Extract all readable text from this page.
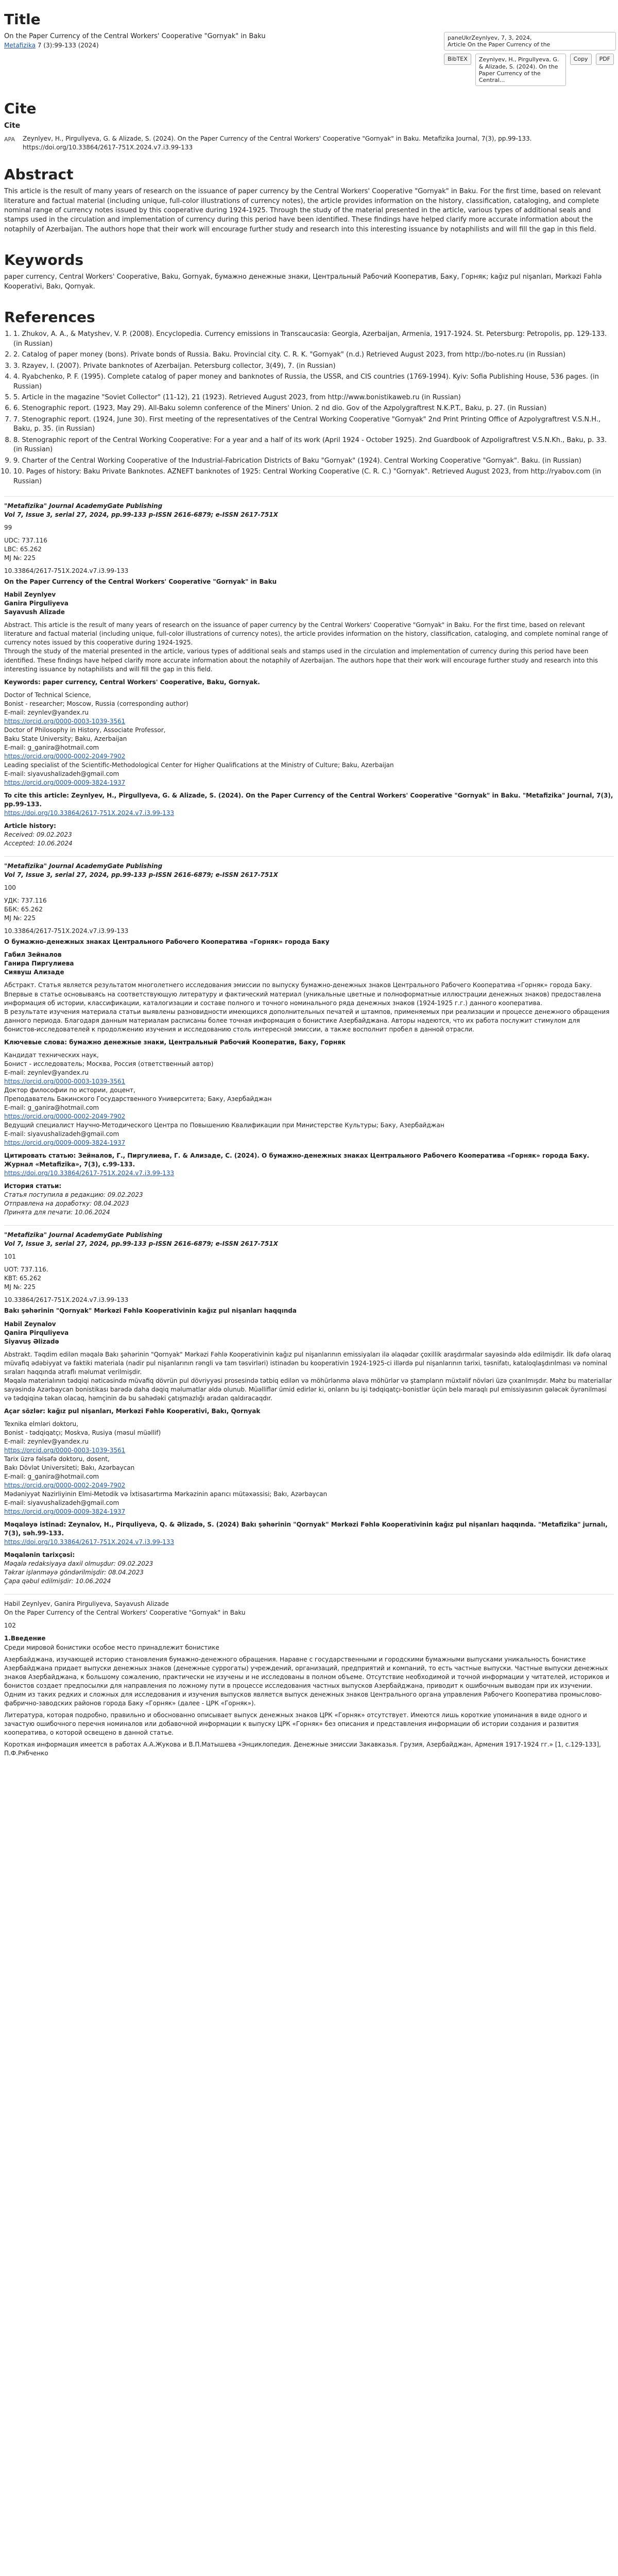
Title
On the Paper Currency of the Central Workers' Cooperative "Gornyak" in Baku
Metafizika 7 (3):99-133 (2024)
paneUkrZeynlyev, 7, 3, 2024,
Article On the Paper Currency of the
BibTEX	Zeynlyev, H., Pirgullyeva, G. & Alizade, S. (2024). On the Paper Currency of the Central...
Copy	PDF
Cite
Cite
APA	Zeynlyev, H., Pirgullyeva, G. & Alizade, S. (2024). On the Paper Currency of the Central Workers' Cooperative "Gornyak" in Baku. Metafizika Journal, 7(3), pp.99-133. https://doi.org/10.33864/2617-751X.2024.v7.i3.99-133
Abstract

This article is the result of many years of research on the issuance of paper currency by the Central Workers' Cooperative "Gornyak" in Baku. For the first time, based on relevant literature and factual material (including unique, full-color illustrations of currency notes), the article provides information on the history, classification, cataloging, and complete nominal range of currency notes issued by this cooperative during 1924-1925. Through the study of the material presented in the article, various types of additional seals and stamps used in the circulation and implementation of currency during this period have been identified. These findings have helped clarify more accurate information about the notaphily of Azerbaijan. The authors hope that their work will encourage further study and research into this interesting issuance by notaphilists and will fill the gap in this field.

Keywords

paper currency, Central Workers' Cooperative, Baku, Gornyak, бумажно денежные знаки, Центральный Рабочий Кооператив, Баку, Горняк; kağız pul nişanları, Mərkəzi Fəhlə Kooperativi, Bakı, Qornyak.

References
1. 1. Zhukov, A. A., & Matyshev, V. P. (2008). Encyclopedia. Currency emissions in Transcaucasia: Georgia, Azerbaijan, Armenia, 1917-1924. St. Petersburg: Petropolis, pp. 129-133. (in Russian)
2. 2. Catalog of paper money (bons). Private bonds of Russia. Baku. Provincial city. C. R. K. "Gornyak" (n.d.) Retrieved August 2023, from http://bo-notes.ru (in Russian)
3. 3. Rzayev, I. (2007). Private banknotes of Azerbaijan. Petersburg collector, 3(49), 7. (in Russian)
4. 4. Ryabchenko, P. F. (1995). Complete catalog of paper money and banknotes of Russia, the USSR, and CIS countries (1769-1994). Kyiv: Sofia Publishing House, 536 pages. (in Russian)
5. 5. Article in the magazine "Soviet Collector" (11-12), 21 (1923). Retrieved August 2023, from http://www.bonistikaweb.ru (in Russian)
6. 6. Stenographic report. (1923, May 29). All-Baku solemn conference of the Miners' Union. 2 nd dio. Gov of the Azpolygraftrest N.K.P.T., Baku, p. 27. (in Russian)
7. 7. Stenographic report. (1924, June 30). First meeting of the representatives of the Central Working Cooperative "Gornyak" 2nd Print Printing Office of Azpolygraftrest V.S.N.H., Baku, p. 35. (in Russian)
8. 8. Stenographic report of the Central Working Cooperative: For a year and a half of its work (April 1924 - October 1925). 2nd Guardbook of Azpoligraftrest V.S.N.Kh., Baku, p. 33. (in Russian)
9. 9. Charter of the Central Working Cooperative of the Industrial-Fabrication Districts of Baku "Gornyak" (1924). Central Working Cooperative "Gornyak". Baku. (in Russian)
10. 10. Pages of history: Baku Private Banknotes. AZNEFT banknotes of 1925: Central Working Cooperative (C. R. C.) "Gornyak". Retrieved August 2023, from http://ryabov.com (in Russian)
"Metafizika" Journal AcademyGate Publishing
Vol 7, Issue 3, serial 27, 2024, pp.99-133 p-ISSN 2616-6879; e-ISSN 2617-751X
99
UDC: 737.116
LBC: 65.262
MJ №: 225
10.33864/2617-751X.2024.v7.i3.99-133
On the Paper Currency of the Central Workers' Cooperative "Gornyak" in Baku
Habil Zeynlyev
Ganira Pirguliyeva
Sayavush Alizade

Abstract. This article is the result of many years of research on the issuance of paper currency by the Central Workers' Cooperative "Gornyak" in Baku. For the first time, based on relevant literature and factual material (including unique, full-color illustrations of currency notes), the article provides information on the history, classification, cataloging, and complete nominal range of currency notes issued by this cooperative during 1924-1925.

Through the study of the material presented in the article, various types of additional seals and stamps used in the circulation and implementation of currency during this period have been identified. These findings have helped clarify more accurate information about the notaphily of Azerbaijan. The authors hope that their work will encourage further study and research into this interesting issuance by notaphilists and will fill the gap in this field.

Keywords: paper currency, Central Workers' Cooperative, Baku, Gornyak.
Doctor of Technical Science,
Bonist - researcher; Moscow, Russia (corresponding author)
E-mail: zeynlev@yandex.ru
https://orcid.org/0000-0003-1039-3561
Doctor of Philosophy in History, Associate Professor,
Baku State University; Baku, Azerbaijan
E-mail: g_ganira@hotmail.com
https://orcid.org/0000-0002-2049-7902
Leading specialist of the Scientific-Methodological Center for Higher Qualifications at the Ministry of Culture; Baku, Azerbaijan
E-mail: siyavushalizadeh@gmail.com
https://orcid.org/0009-0009-3824-1937
To cite this article: Zeynlyev, H., Pirgullyeva, G. & Alizade, S. (2024). On the Paper Currency of the Central Workers' Cooperative "Gornyak" in Baku. "Metafizika" Journal, 7(3), pp.99-133.
https://doi.org/10.33864/2617-751X.2024.v7.i3.99-133
Article history:
Received: 09.02.2023
Accepted: 10.06.2024
"Metafizika" Journal AcademyGate Publishing
Vol 7, Issue 3, serial 27, 2024, pp.99-133 p-ISSN 2616-6879; e-ISSN 2617-751X
100
УДК: 737.116
ББК: 65.262
MJ №: 225
10.33864/2617-751X.2024.v7.i3.99-133
О бумажно-денежных знаках Центрального Рабочего Кооператива «Горняк» города Баку
Габил Зейналов
Ганира Пиргулиева
Сиявуш Ализаде

Абстракт. Статья является результатом многолетнего исследования эмиссии по выпуску бумажно-денежных знаков Центрального Рабочего Кооператива «Горняк» города Баку. Впервые в статье основываясь на соответствующую литературу и фактический материал (уникальные цветные и полноформатные иллюстрации денежных знаков) предоставлена информация об истории, классификации, каталогизации и составе полного и точного номинального ряда денежных знаков (1924-1925 г.г.) данного кооператива.

В результате изучения материала статьи выявлены разновидности имеющихся дополнительных печатей и штампов, применяемых при реализации и процессе денежного обращения данного периода. Благодаря данным материалам расписаны более точная информация о бонистике Азербайджана. Авторы надеются, что их работа послужит стимулом для бонистов-исследователей к продолжению изучения и исследованию столь интересной эмиссии, а также восполнит пробел в данной отрасли.

Ключевые слова: бумажно денежные знаки, Центральный Рабочий Кооператив, Баку, Горняк
Кандидат технических наук,
Бонист - исследователь; Москва, Россия (ответственный автор)
E-mail: zeynlev@yandex.ru
https://orcid.org/0000-0003-1039-3561
Доктор философии по истории, доцент,
Преподаватель Бакинского Государственного Университета; Баку, Азербайджан
E-mail: g_ganira@hotmail.com
https://orcid.org/0000-0002-2049-7902
Ведущий специалист Научно-Методического Центра по Повышению Квалификации при Министерстве Культуры; Баку, Азербайджан
E-mail: siyavushalizadeh@gmail.com
https://orcid.org/0009-0009-3824-1937
Цитировать статью: Зейналов, Г., Пиргулиева, Г. & Ализаде, С. (2024). О бумажно-денежных знаках Центрального Рабочего Кооператива «Горняк» города Баку. Журнал «Metafizika», 7(3), c.99-133.
https://doi.org/10.33864/2617-751X.2024.v7.i3.99-133
История статьи:
Статья поступила в редакцию: 09.02.2023
Отправлена на доработку: 08.04.2023
Принята для печати: 10.06.2024
"Metafizika" Journal AcademyGate Publishing
Vol 7, Issue 3, serial 27, 2024, pp.99-133 p-ISSN 2616-6879; e-ISSN 2617-751X
101
UOT: 737.116.
KBT: 65.262
MJ №: 225
10.33864/2617-751X.2024.v7.i3.99-133
Bakı şəhərinin "Qornyak" Mərkəzi Fəhlə Kooperativinin kağız pul nişanları haqqında
Habil Zeynalov
Qanira Pirquliyeva
Siyavuş Əlizadə

Abstrakt. Təqdim edilən məqalə Bakı şəhərinin "Qornyak" Mərkəzi Fəhlə Kooperativinin kağız pul nişanlarının emissiyaları ilə əlaqədar çoxillik araşdırmalar sayəsində əldə edilmişdir. İlk dəfə olaraq müvafiq ədəbiyyat və faktiki materiala (nadir pul nişanlarının rəngli və tam təsvirləri) istinadən bu kooperativin 1924-1925-ci illərdə pul nişanlarının tarixi, təsnifatı, kataloqlaşdırılması və nominal sıraları haqqında ətraflı məlumat verilmişdir.

Məqalə materialının tədqiqi nəticəsində müvafiq dövrün pul dövriyyəsi prosesində tətbiq edilən və möhürlənmə əlavə möhürlər və ştampların müxtəlif növləri üzə çıxarılmışdır. Məhz bu materiallar sayəsində Azərbaycan bonistikası barədə daha dəqiq məlumatlar əldə olunub. Müəlliflər ümid edirlər ki, onların bu işi tədqiqatçı-bonistlər üçün belə maraqlı pul emissiyasının gələcək öyrənilməsi və tədqiqinə təkan olacaq, həmçinin də bu sahədəki çatışmazlığı aradan qaldıracaqdır.

Açar sözlər: kağız pul nişanları, Mərkəzi Fəhlə Kooperativi, Bakı, Qornyak
Texnika elmləri doktoru,
Bonist - tədqiqatçı; Moskva, Rusiya (məsul müəllif)
E-mail: zeynlev@yandex.ru
https://orcid.org/0000-0003-1039-3561
Tarix üzrə fəlsəfə doktoru, dosent,
Bakı Dövlət Universiteti; Bakı, Azərbaycan
E-mail: g_ganira@hotmail.com
https://orcid.org/0000-0002-2049-7902
Mədəniyyət Nazirliyinin Elmi-Metodik və İxtisasartırma Mərkəzinin aparıcı mütəxəssisi; Bakı, Azərbaycan
E-mail: siyavushalizadeh@gmail.com
https://orcid.org/0009-0009-3824-1937
Məqaləyə istinad: Zeynalov, H., Pirquliyeva, Q. & Əlizadə, S. (2024) Bakı şəhərinin "Qornyak" Mərkəzi Fəhlə Kooperativinin kağız pul nişanları haqqında. "Metafizika" jurnalı, 7(3), səh.99-133.
https://doi.org/10.33864/2617-751X.2024.v7.i3.99-133
Məqalənin tarixçəsi:
Məqalə redaksiyaya daxil olmuşdur: 09.02.2023
Təkrar işlənməyə göndərilmişdir: 08.04.2023
Çapa qəbul edilmişdir: 10.06.2024
Habil Zeynlyev, Ganira Pirguliyeva, Sayavush Alizade
On the Paper Currency of the Central Workers' Cooperative "Gornyak" in Baku
102
1.Введение

Среди мировой бонистики особое место принадлежит бонистике

Азербайджана, изучающей историю становления бумажно-денежного обращения. Наравне с государственными и городскими бумажными выпусками уникальность бонистике Азербайджана придает выпуски денежных знаков (денежные суррогаты) учреждений, организаций, предприятий и компаний, то есть частные выпуски. Частные выпуски денежных знаков Азербайджана, к большому сожалению, практически не изучены и не исследованы в полном объеме. Отсутствие необходимой и точной информации у читателей, историков и бонистов создает предпосылки для направления по ложному пути в процессе исследования частных выпусков Азербайджана, приводит к ошибочным выводам при их изучении. Одним из таких редких и сложных для исследования и изучения выпусков является выпуск денежных знаков Центрального органа управления Рабочего Кооператива промыслово-фабрично-заводских районов города Баку «Горняк» (далее - ЦРК «Горняк»).

Литература, которая подробно, правильно и обоснованно описывает выпуск денежных знаков ЦРК «Горняк» отсутствует. Имеются лишь короткие упоминания в виде одного и зачастую ошибочного перечня номиналов или добавочной информации к выпуску ЦРК «Горняк» без описания и представления информации об истории создания и развития кооператива, о которой освещено в данной статье.

Короткая информация имеется в работах А.А.Жукова и В.П.Матышева «Энциклопедия. Денежные эмиссии Закавказья. Грузия, Азербайджан, Армения 1917-1924 гг.» [1, с.129-133], П.Ф.Рябченко
